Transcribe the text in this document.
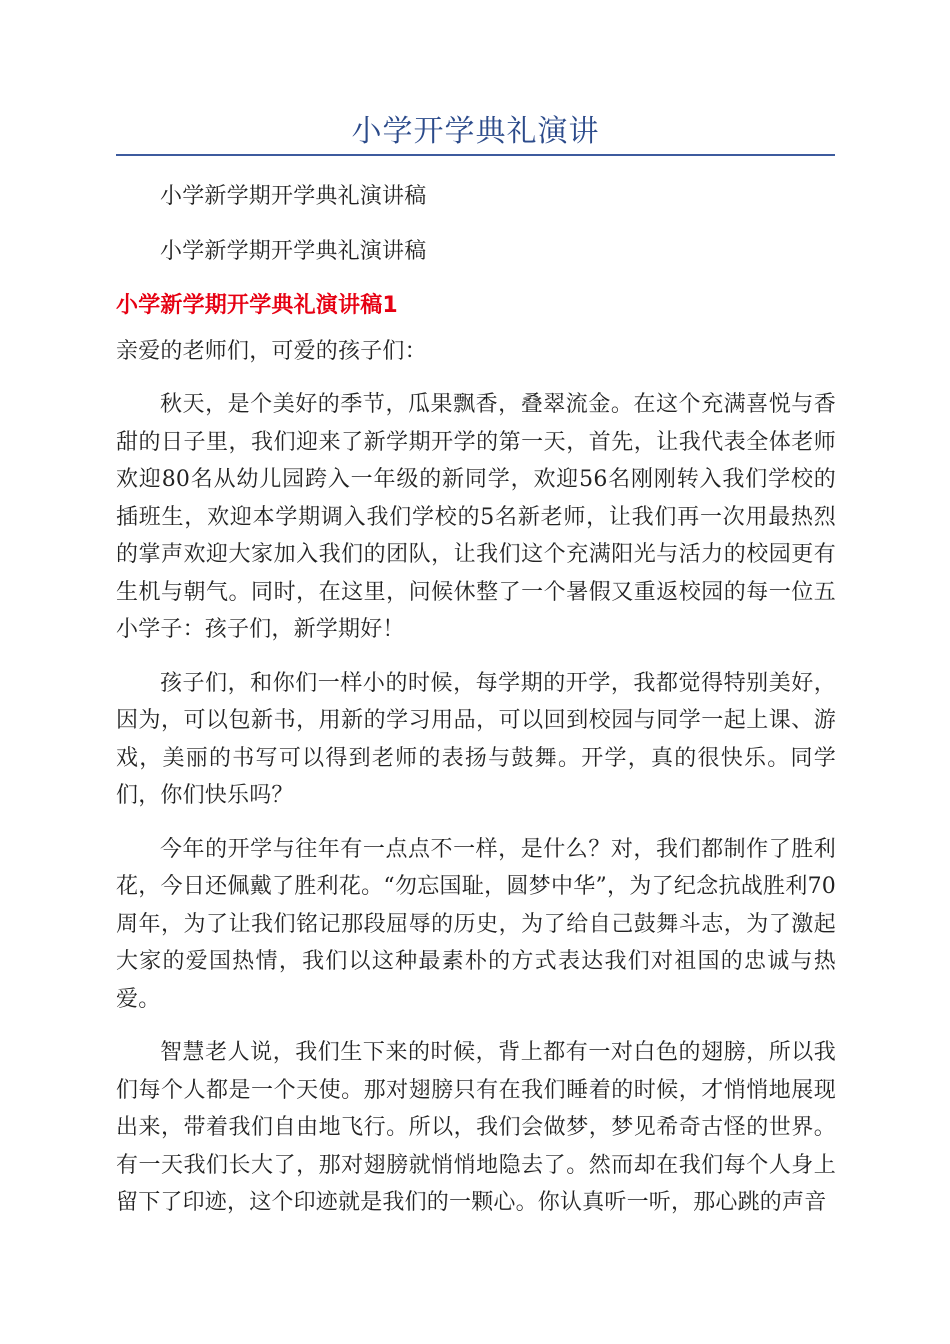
小学开学典礼演讲

小学新学期开学典礼演讲稿

小学新学期开学典礼演讲稿

小学新学期开学典礼演讲稿1

亲爱的老师们，可爱的孩子们：

秋天，是个美好的季节，瓜果飘香，叠翠流金。在这个充满喜悦与香甜的日子里，我们迎来了新学期开学的第一天，首先，让我代表全体老师欢迎80名从幼儿园跨入一年级的新同学，欢迎56名刚刚转入我们学校的插班生，欢迎本学期调入我们学校的5名新老师，让我们再一次用最热烈的掌声欢迎大家加入我们的团队，让我们这个充满阳光与活力的校园更有生机与朝气。同时，在这里，问候休整了一个暑假又重返校园的每一位五小学子：孩子们，新学期好！

孩子们，和你们一样小的时候，每学期的开学，我都觉得特别美好，因为，可以包新书，用新的学习用品，可以回到校园与同学一起上课、游戏，美丽的书写可以得到老师的表扬与鼓舞。开学，真的很快乐。同学们，你们快乐吗？

今年的开学与往年有一点点不一样，是什么？对，我们都制作了胜利花，今日还佩戴了胜利花。“勿忘国耻，圆梦中华”，为了纪念抗战胜利70周年，为了让我们铭记那段屈辱的历史，为了给自己鼓舞斗志，为了激起大家的爱国热情，我们以这种最素朴的方式表达我们对祖国的忠诚与热爱。

智慧老人说，我们生下来的时候，背上都有一对白色的翅膀，所以我们每个人都是一个天使。那对翅膀只有在我们睡着的时候，才悄悄地展现出来，带着我们自由地飞行。所以，我们会做梦，梦见希奇古怪的世界。有一天我们长大了，那对翅膀就悄悄地隐去了。然而却在我们每个人身上留下了印迹，这个印迹就是我们的一颗心。你认真听一听，那心跳的声音
